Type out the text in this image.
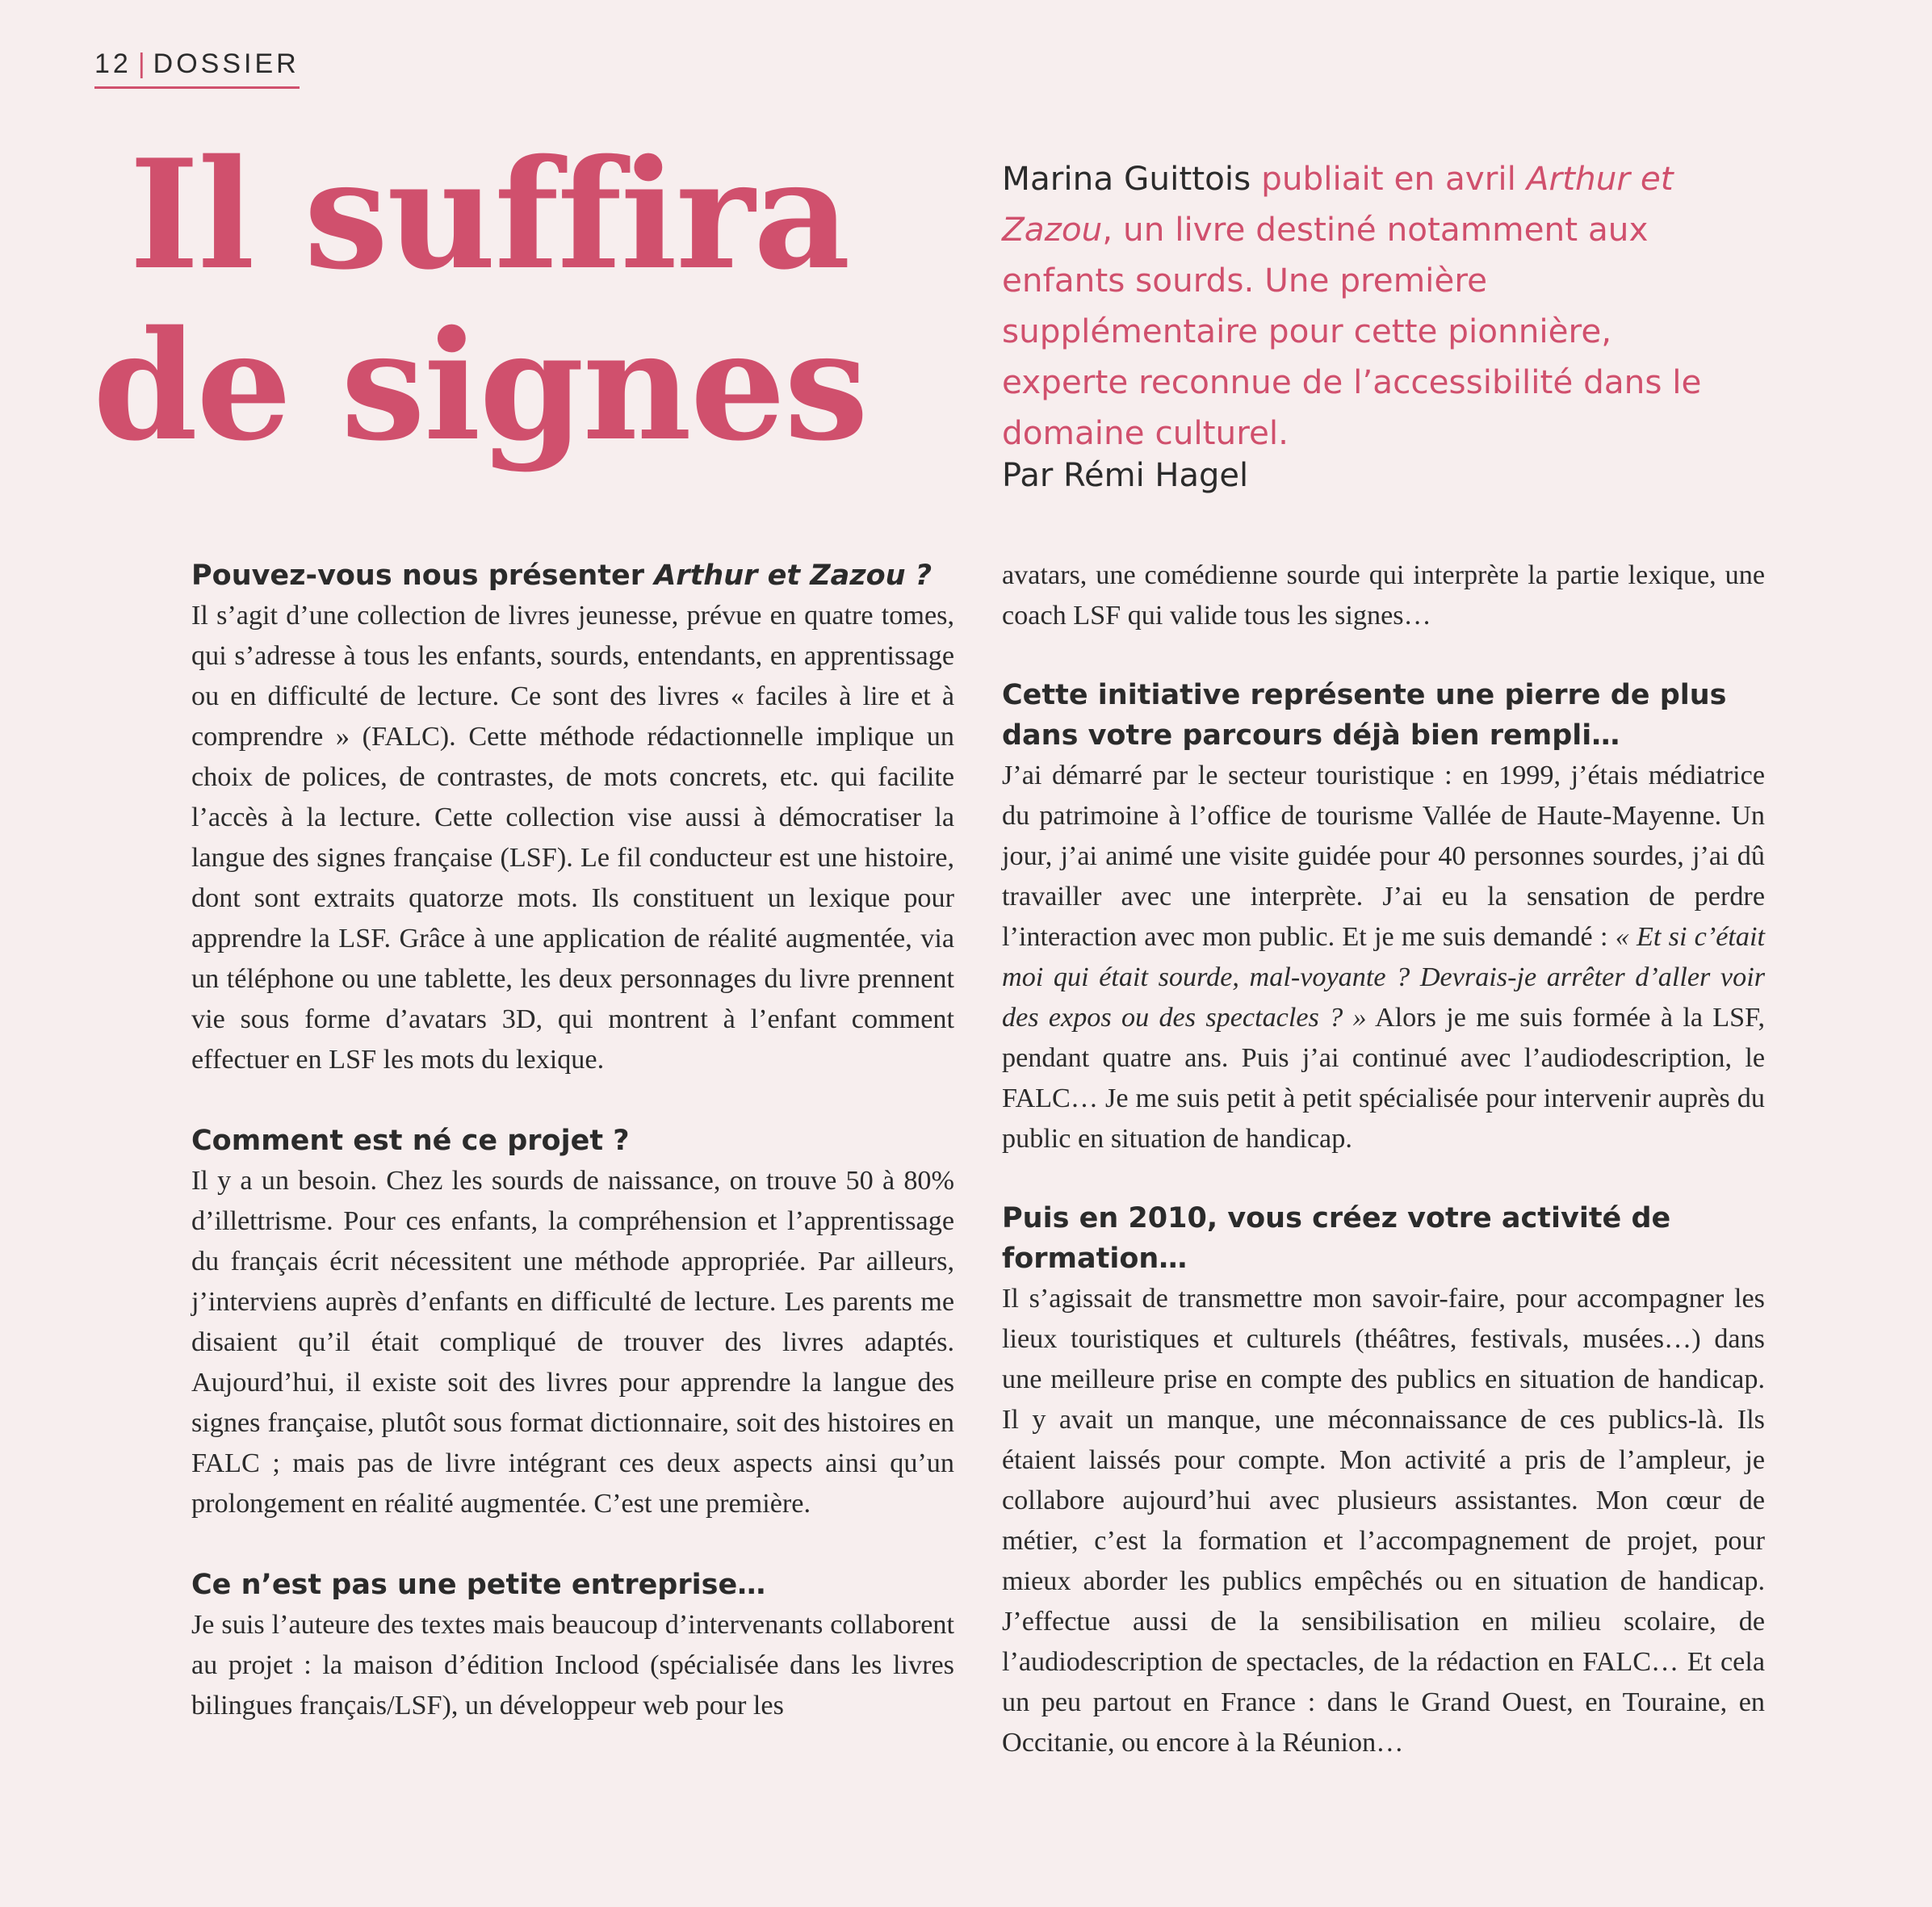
12 | DOSSIER
Il suffira
de signes
Marina Guittois publiait en avril Arthur et Zazou, un livre destiné notamment aux enfants sourds. Une première supplémentaire pour cette pionnière, experte reconnue de l’accessibilité dans le domaine culturel.
Par Rémi Hagel

Pouvez-vous nous présenter Arthur et Zazou ?

Il s’agit d’une collection de livres jeunesse, prévue en quatre tomes, qui s’adresse à tous les enfants, sourds, entendants, en apprentissage ou en difficulté de lecture. Ce sont des livres « faciles à lire et à comprendre » (FALC). Cette méthode rédactionnelle implique un choix de polices, de contrastes, de mots concrets, etc. qui facilite l’accès à la lecture. Cette collection vise aussi à démocratiser la langue des signes française (LSF). Le fil conducteur est une histoire, dont sont extraits quatorze mots. Ils constituent un lexique pour apprendre la LSF. Grâce à une application de réalité augmentée, via un téléphone ou une tablette, les deux personnages du livre prennent vie sous forme d’avatars 3D, qui montrent à l’enfant comment effectuer en LSF les mots du lexique.

Comment est né ce projet ?

Il y a un besoin. Chez les sourds de naissance, on trouve 50 à 80% d’illettrisme. Pour ces enfants, la compréhension et l’apprentissage du français écrit nécessitent une méthode appropriée. Par ailleurs, j’interviens auprès d’enfants en difficulté de lecture. Les parents me disaient qu’il était compliqué de trouver des livres adaptés. Aujourd’hui, il existe soit des livres pour apprendre la langue des signes française, plutôt sous format dictionnaire, soit des histoires en FALC ; mais pas de livre intégrant ces deux aspects ainsi qu’un prolongement en réalité augmentée. C’est une première.

Ce n’est pas une petite entreprise…

Je suis l’auteure des textes mais beaucoup d’intervenants collaborent au projet : la maison d’édition Inclood (spécialisée dans les livres bilingues français/LSF), un développeur web pour les

avatars, une comédienne sourde qui interprète la partie lexique, une coach LSF qui valide tous les signes…

Cette initiative représente une pierre de plus dans votre parcours déjà bien rempli…

J’ai démarré par le secteur touristique : en 1999, j’étais médiatrice du patrimoine à l’office de tourisme Vallée de Haute-Mayenne. Un jour, j’ai animé une visite guidée pour 40 personnes sourdes, j’ai dû travailler avec une interprète. J’ai eu la sensation de perdre l’interaction avec mon public. Et je me suis demandé : « Et si c’était moi qui était sourde, mal-voyante ? Devrais-je arrêter d’aller voir des expos ou des spectacles ? » Alors je me suis formée à la LSF, pendant quatre ans. Puis j’ai continué avec l’audiodescription, le FALC… Je me suis petit à petit spécialisée pour intervenir auprès du public en situation de handicap.

Puis en 2010, vous créez votre activité de formation…

Il s’agissait de transmettre mon savoir-faire, pour accompagner les lieux touristiques et culturels (théâtres, festivals, musées…) dans une meilleure prise en compte des publics en situation de handicap. Il y avait un manque, une méconnaissance de ces publics-là. Ils étaient laissés pour compte. Mon activité a pris de l’ampleur, je collabore aujourd’hui avec plusieurs assistantes. Mon cœur de métier, c’est la formation et l’accompagnement de projet, pour mieux aborder les publics empêchés ou en situation de handicap. J’effectue aussi de la sensibilisation en milieu scolaire, de l’audiodescription de spectacles, de la rédaction en FALC… Et cela un peu partout en France : dans le Grand Ouest, en Touraine, en Occitanie, ou encore à la Réunion…
